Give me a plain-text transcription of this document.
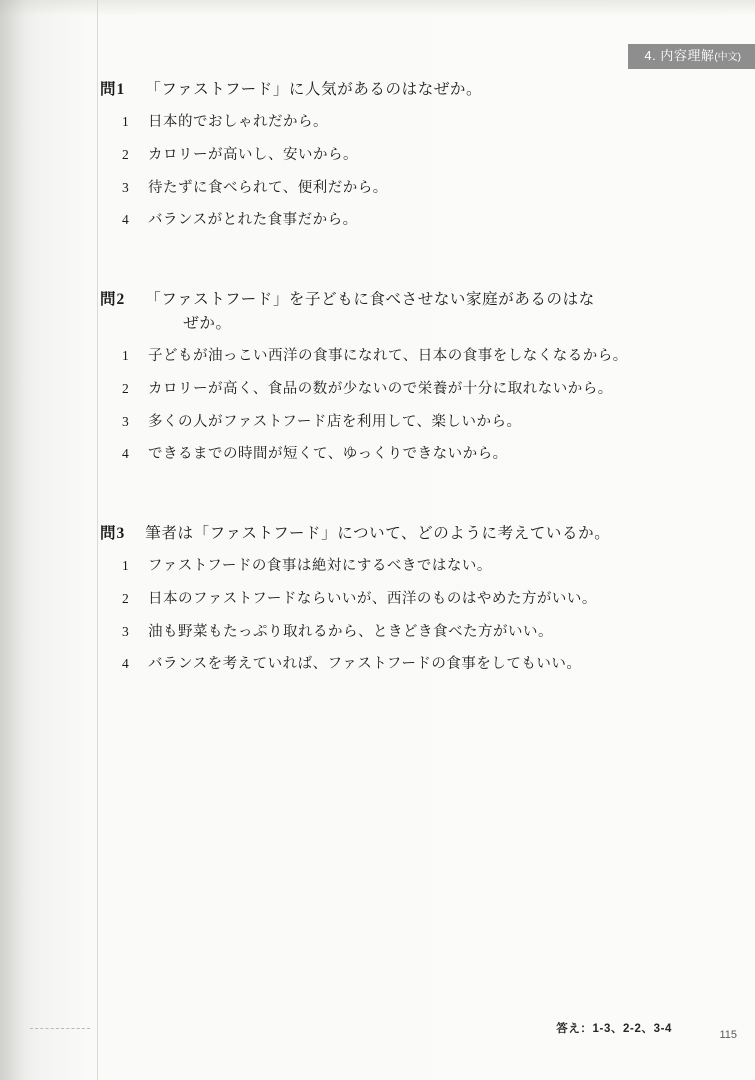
4. 内容理解(中文)
問1 「ファストフード」に人気があるのはなぜか。
1	日本的でおしゃれだから。
2	カロリーが高いし、安いから。
3	待たずに食べられて、便利だから。
4	バランスがとれた食事だから。
問2 「ファストフード」を子どもに食べさせない家庭があるのはな
ぜか。
1	子どもが油っこい西洋の食事になれて、日本の食事をしなくなるから。
2	カロリーが高く、食品の数が少ないので栄養が十分に取れないから。
3	多くの人がファストフード店を利用して、楽しいから。
4	できるまでの時間が短くて、ゆっくりできないから。
問3 筆者は「ファストフード」について、どのように考えているか。
1	ファストフードの食事は絶対にするべきではない。
2	日本のファストフードならいいが、西洋のものはやめた方がいい。
3	油も野菜もたっぷり取れるから、ときどき食べた方がいい。
4	バランスを考えていれば、ファストフードの食事をしてもいい。
答え：1-3、2-2、3-4	115
